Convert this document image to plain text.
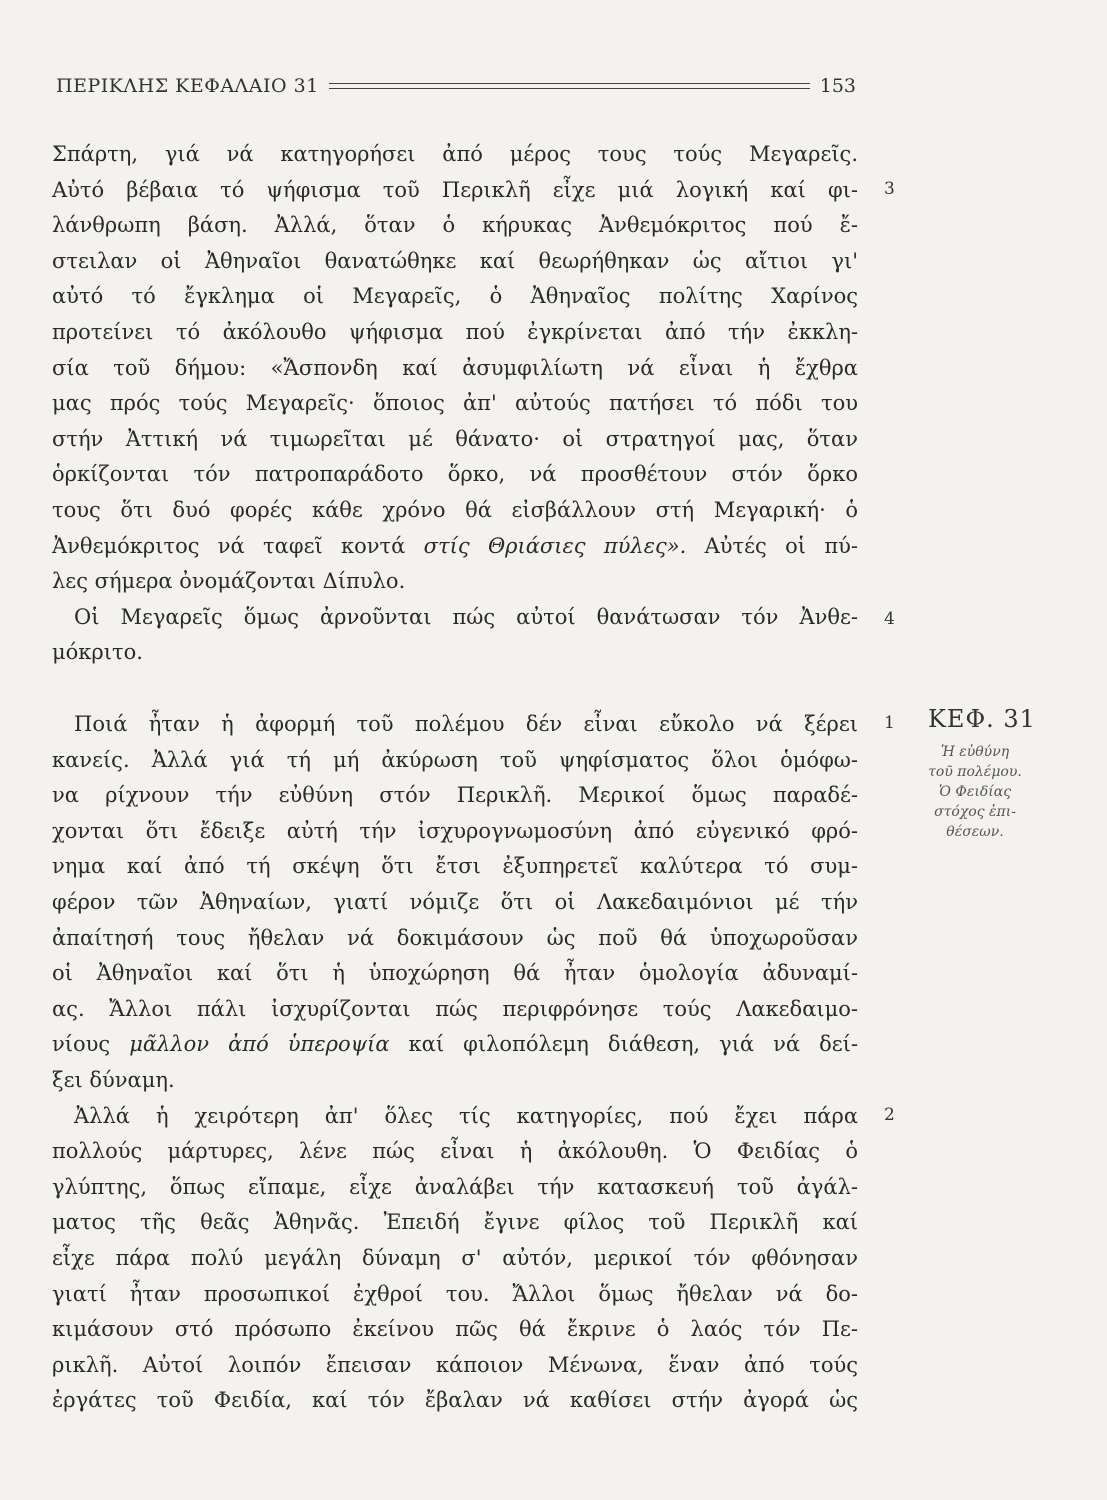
ΠΕΡΙΚΛΗΣ ΚΕΦΑΛΑΙΟ 31	153
Σπάρτη, γιά νά κατηγορήσει ἀπό μέρος τους τούς Μεγαρεῖς.
Αὐτό βέβαια τό ψήφισμα τοῦ Περικλῆ εἶχε μιά λογική καί φι-
λάνθρωπη βάση. Ἀλλά, ὅταν ὁ κήρυκας Ἀνθεμόκριτος πού ἔ-
στειλαν οἱ Ἀθηναῖοι θανατώθηκε καί θεωρήθηκαν ὡς αἴτιοι γι'
αὐτό τό ἔγκλημα οἱ Μεγαρεῖς, ὁ Ἀθηναῖος πολίτης Χαρίνος
προτείνει τό ἀκόλουθο ψήφισμα πού ἐγκρίνεται ἀπό τήν ἐκκλη-
σία τοῦ δήμου: «Ἄσπονδη καί ἀσυμφιλίωτη νά εἶναι ἡ ἔχθρα
μας πρός τούς Μεγαρεῖς· ὅποιος ἀπ' αὐτούς πατήσει τό πόδι του
στήν Ἀττική νά τιμωρεῖται μέ θάνατο· οἱ στρατηγοί μας, ὅταν
ὁρκίζονται τόν πατροπαράδοτο ὅρκο, νά προσθέτουν στόν ὅρκο
τους ὅτι δυό φορές κάθε χρόνο θά εἰσβάλλουν στή Μεγαρική· ὁ
Ἀνθεμόκριτος νά ταφεῖ κοντά στίς Θριάσιες πύλες». Αὐτές οἱ πύ-
λες σήμερα ὀνομάζονται Δίπυλο.
Οἱ Μεγαρεῖς ὅμως ἀρνοῦνται πώς αὐτοί θανάτωσαν τόν Ἀνθε-
μόκριτο.
Ποιά ἦταν ἡ ἀφορμή τοῦ πολέμου δέν εἶναι εὔκολο νά ξέρει
κανείς. Ἀλλά γιά τή μή ἀκύρωση τοῦ ψηφίσματος ὅλοι ὁμόφω-
να ρίχνουν τήν εὐθύνη στόν Περικλῆ. Μερικοί ὅμως παραδέ-
χονται ὅτι ἔδειξε αὐτή τήν ἰσχυρογνωμοσύνη ἀπό εὐγενικό φρό-
νημα καί ἀπό τή σκέψη ὅτι ἔτσι ἐξυπηρετεῖ καλύτερα τό συμ-
φέρον τῶν Ἀθηναίων, γιατί νόμιζε ὅτι οἱ Λακεδαιμόνιοι μέ τήν
ἀπαίτησή τους ἤθελαν νά δοκιμάσουν ὡς ποῦ θά ὑποχωροῦσαν
οἱ Ἀθηναῖοι καί ὅτι ἡ ὑποχώρηση θά ἦταν ὁμολογία ἀδυναμί-
ας. Ἄλλοι πάλι ἰσχυρίζονται πώς περιφρόνησε τούς Λακεδαιμο-
νίους μᾶλλον ἀπό ὑπεροψία καί φιλοπόλεμη διάθεση, γιά νά δεί-
ξει δύναμη.
Ἀλλά ἡ χειρότερη ἀπ' ὅλες τίς κατηγορίες, πού ἔχει πάρα
πολλούς μάρτυρες, λένε πώς εἶναι ἡ ἀκόλουθη. Ὁ Φειδίας ὁ
γλύπτης, ὅπως εἴπαμε, εἶχε ἀναλάβει τήν κατασκευή τοῦ ἀγάλ-
ματος τῆς θεᾶς Ἀθηνᾶς. Ἐπειδή ἔγινε φίλος τοῦ Περικλῆ καί
εἶχε πάρα πολύ μεγάλη δύναμη σ' αὐτόν, μερικοί τόν φθόνησαν
γιατί ἦταν προσωπικοί ἐχθροί του. Ἄλλοι ὅμως ἤθελαν νά δο-
κιμάσουν στό πρόσωπο ἐκείνου πῶς θά ἔκρινε ὁ λαός τόν Πε-
ρικλῆ. Αὐτοί λοιπόν ἔπεισαν κάποιον Μένωνα, ἕναν ἀπό τούς
ἐργάτες τοῦ Φειδία, καί τόν ἔβαλαν νά καθίσει στήν ἀγορά ὡς
3
4
1
2
ΚΕΦ. 31
Ἡ εὐθύνη
τοῦ πολέμου.
Ὁ Φειδίας
στόχος ἐπι-
θέσεων.
